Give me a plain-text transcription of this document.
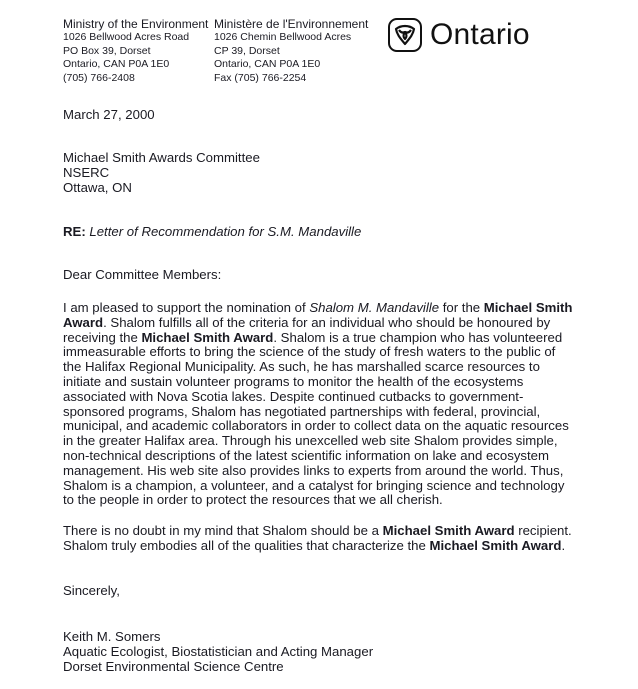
Ministry of the Environment
1026 Bellwood Acres Road
PO Box 39, Dorset
Ontario, CAN P0A 1E0
(705) 766-2408
Ministère de l'Environnement
1026 Chemin Bellwood Acres
CP 39, Dorset
Ontario, CAN P0A 1E0
Fax (705) 766-2254
Ontario
March 27, 2000
Michael Smith Awards Committee
NSERC
Ottawa, ON
RE: Letter of Recommendation for S.M. Mandaville
Dear Committee Members:
I am pleased to support the nomination of Shalom M. Mandaville for the Michael Smith
Award. Shalom fulfills all of the criteria for an individual who should be honoured by
receiving the Michael Smith Award. Shalom is a true champion who has volunteered
immeasurable efforts to bring the science of the study of fresh waters to the public of
the Halifax Regional Municipality. As such, he has marshalled scarce resources to
initiate and sustain volunteer programs to monitor the health of the ecosystems
associated with Nova Scotia lakes. Despite continued cutbacks to government-
sponsored programs, Shalom has negotiated partnerships with federal, provincial,
municipal, and academic collaborators in order to collect data on the aquatic resources
in the greater Halifax area. Through his unexcelled web site Shalom provides simple,
non-technical descriptions of the latest scientific information on lake and ecosystem
management. His web site also provides links to experts from around the world. Thus,
Shalom is a champion, a volunteer, and a catalyst for bringing science and technology
to the people in order to protect the resources that we all cherish.
There is no doubt in my mind that Shalom should be a Michael Smith Award recipient.
Shalom truly embodies all of the qualities that characterize the Michael Smith Award.
Sincerely,
Keith M. Somers
Aquatic Ecologist, Biostatistician and Acting Manager
Dorset Environmental Science Centre
